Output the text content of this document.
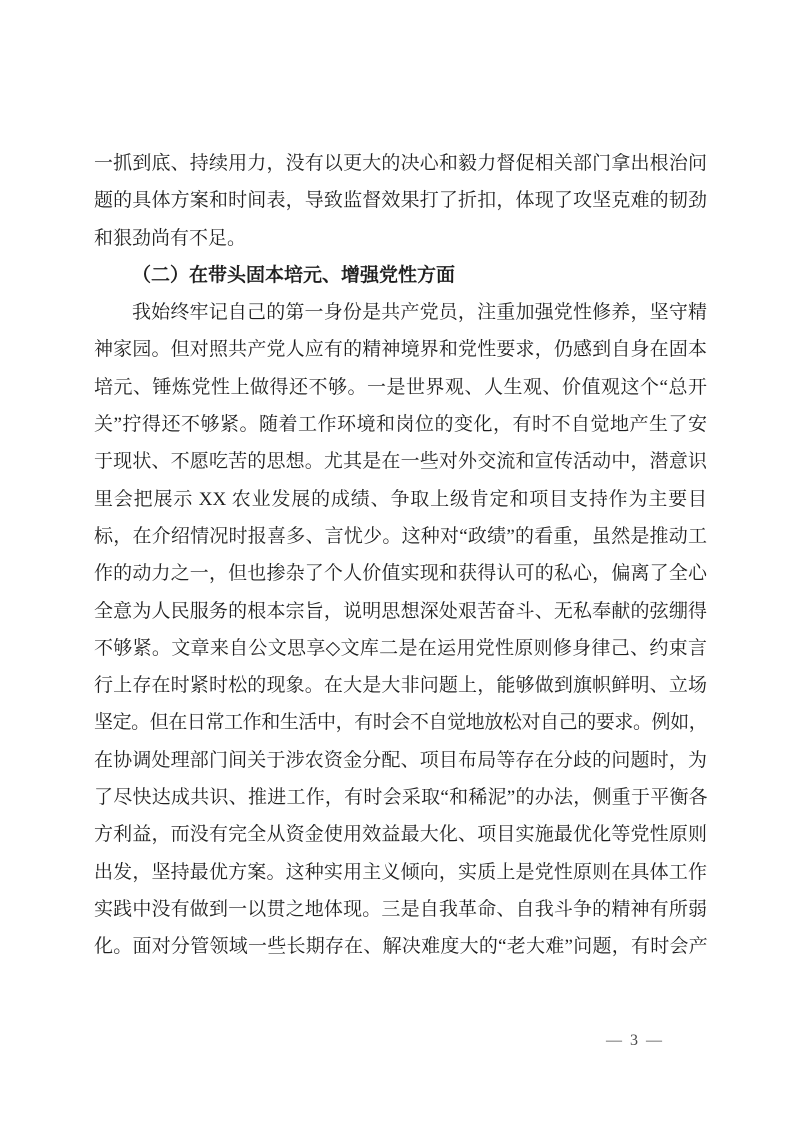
一抓到底、持续用力，没有以更大的决心和毅力督促相关部门拿出根治问
题的具体方案和时间表，导致监督效果打了折扣，体现了攻坚克难的韧劲
和狠劲尚有不足。
（二）在带头固本培元、增强党性方面
我始终牢记自己的第一身份是共产党员，注重加强党性修养，坚守精
神家园。但对照共产党人应有的精神境界和党性要求，仍感到自身在固本
培元、锤炼党性上做得还不够。一是世界观、人生观、价值观这个“总开
关”拧得还不够紧。随着工作环境和岗位的变化，有时不自觉地产生了安
于现状、不愿吃苦的思想。尤其是在一些对外交流和宣传活动中，潜意识
里会把展示 XX 农业发展的成绩、争取上级肯定和项目支持作为主要目
标，在介绍情况时报喜多、言忧少。这种对“政绩”的看重，虽然是推动工
作的动力之一，但也掺杂了个人价值实现和获得认可的私心，偏离了全心
全意为人民服务的根本宗旨，说明思想深处艰苦奋斗、无私奉献的弦绷得
不够紧。文章来自公文思享◇文库二是在运用党性原则修身律己、约束言
行上存在时紧时松的现象。在大是大非问题上，能够做到旗帜鲜明、立场
坚定。但在日常工作和生活中，有时会不自觉地放松对自己的要求。例如，
在协调处理部门间关于涉农资金分配、项目布局等存在分歧的问题时，为
了尽快达成共识、推进工作，有时会采取“和稀泥”的办法，侧重于平衡各
方利益，而没有完全从资金使用效益最大化、项目实施最优化等党性原则
出发，坚持最优方案。这种实用主义倾向，实质上是党性原则在具体工作
实践中没有做到一以贯之地体现。三是自我革命、自我斗争的精神有所弱
化。面对分管领域一些长期存在、解决难度大的“老大难”问题，有时会产
— 3 —
